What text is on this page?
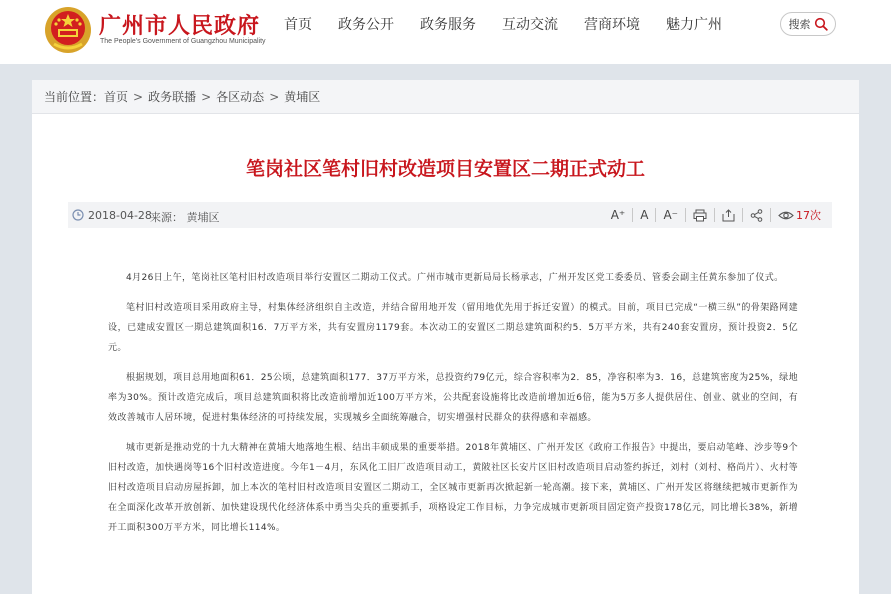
广州市人民政府
The People's Government of Guangzhou Municipality
首页 政务公开 政务服务 互动交流 营商环境 魅力广州	搜索
当前位置： 首页 > 政务联播 > 各区动态 > 黄埔区
笔岗社区笔村旧村改造项目安置区二期正式动工
2018-04-28
来源： 黄埔区	A⁺	A	A⁻	17次

4月26日上午，笔岗社区笔村旧村改造项目举行安置区二期动工仪式。广州市城市更新局局长杨承志，广州开发区党工委委员、管委会副主任黄东参加了仪式。

笔村旧村改造项目采用政府主导，村集体经济组织自主改造，并结合留用地开发（留用地优先用于拆迁安置）的模式。目前，项目已完成“一横三纵”的骨架路网建设，已建成安置区一期总建筑面积16．7万平方米，共有安置房1179套。本次动工的安置区二期总建筑面积约5．5万平方米，共有240套安置房，预计投资2．5亿元。

根据规划，项目总用地面积61．25公顷，总建筑面积177．37万平方米，总投资约79亿元，综合容积率为2．85，净容积率为3．16，总建筑密度为25%，绿地率为30%。预计改造完成后，项目总建筑面积将比改造前增加近100万平方米，公共配套设施将比改造前增加近6倍，能为5万多人提供居住、创业、就业的空间，有效改善城市人居环境，促进村集体经济的可持续发展，实现城乡全面统筹融合，切实增强村民群众的获得感和幸福感。

城市更新是推动党的十九大精神在黄埔大地落地生根、结出丰硕成果的重要举措。2018年黄埔区、广州开发区《政府工作报告》中提出，要启动笔峰、沙步等9个旧村改造，加快遇岗等16个旧村改造进度。今年1－4月，东风化工旧厂改造项目动工，黄陂社区长安片区旧村改造项目启动签约拆迁，刘村（刘村、格尚片）、火村等旧村改造项目启动房屋拆卸，加上本次的笔村旧村改造项目安置区二期动工，全区城市更新再次掀起新一轮高潮。接下来，黄埔区、广州开发区将继续把城市更新作为在全面深化改革开放创新、加快建设现代化经济体系中勇当尖兵的重要抓手，项格设定工作目标，力争完成城市更新项目固定资产投资178亿元，同比增长38%，新增开工面积300万平方米，同比增长114%。
